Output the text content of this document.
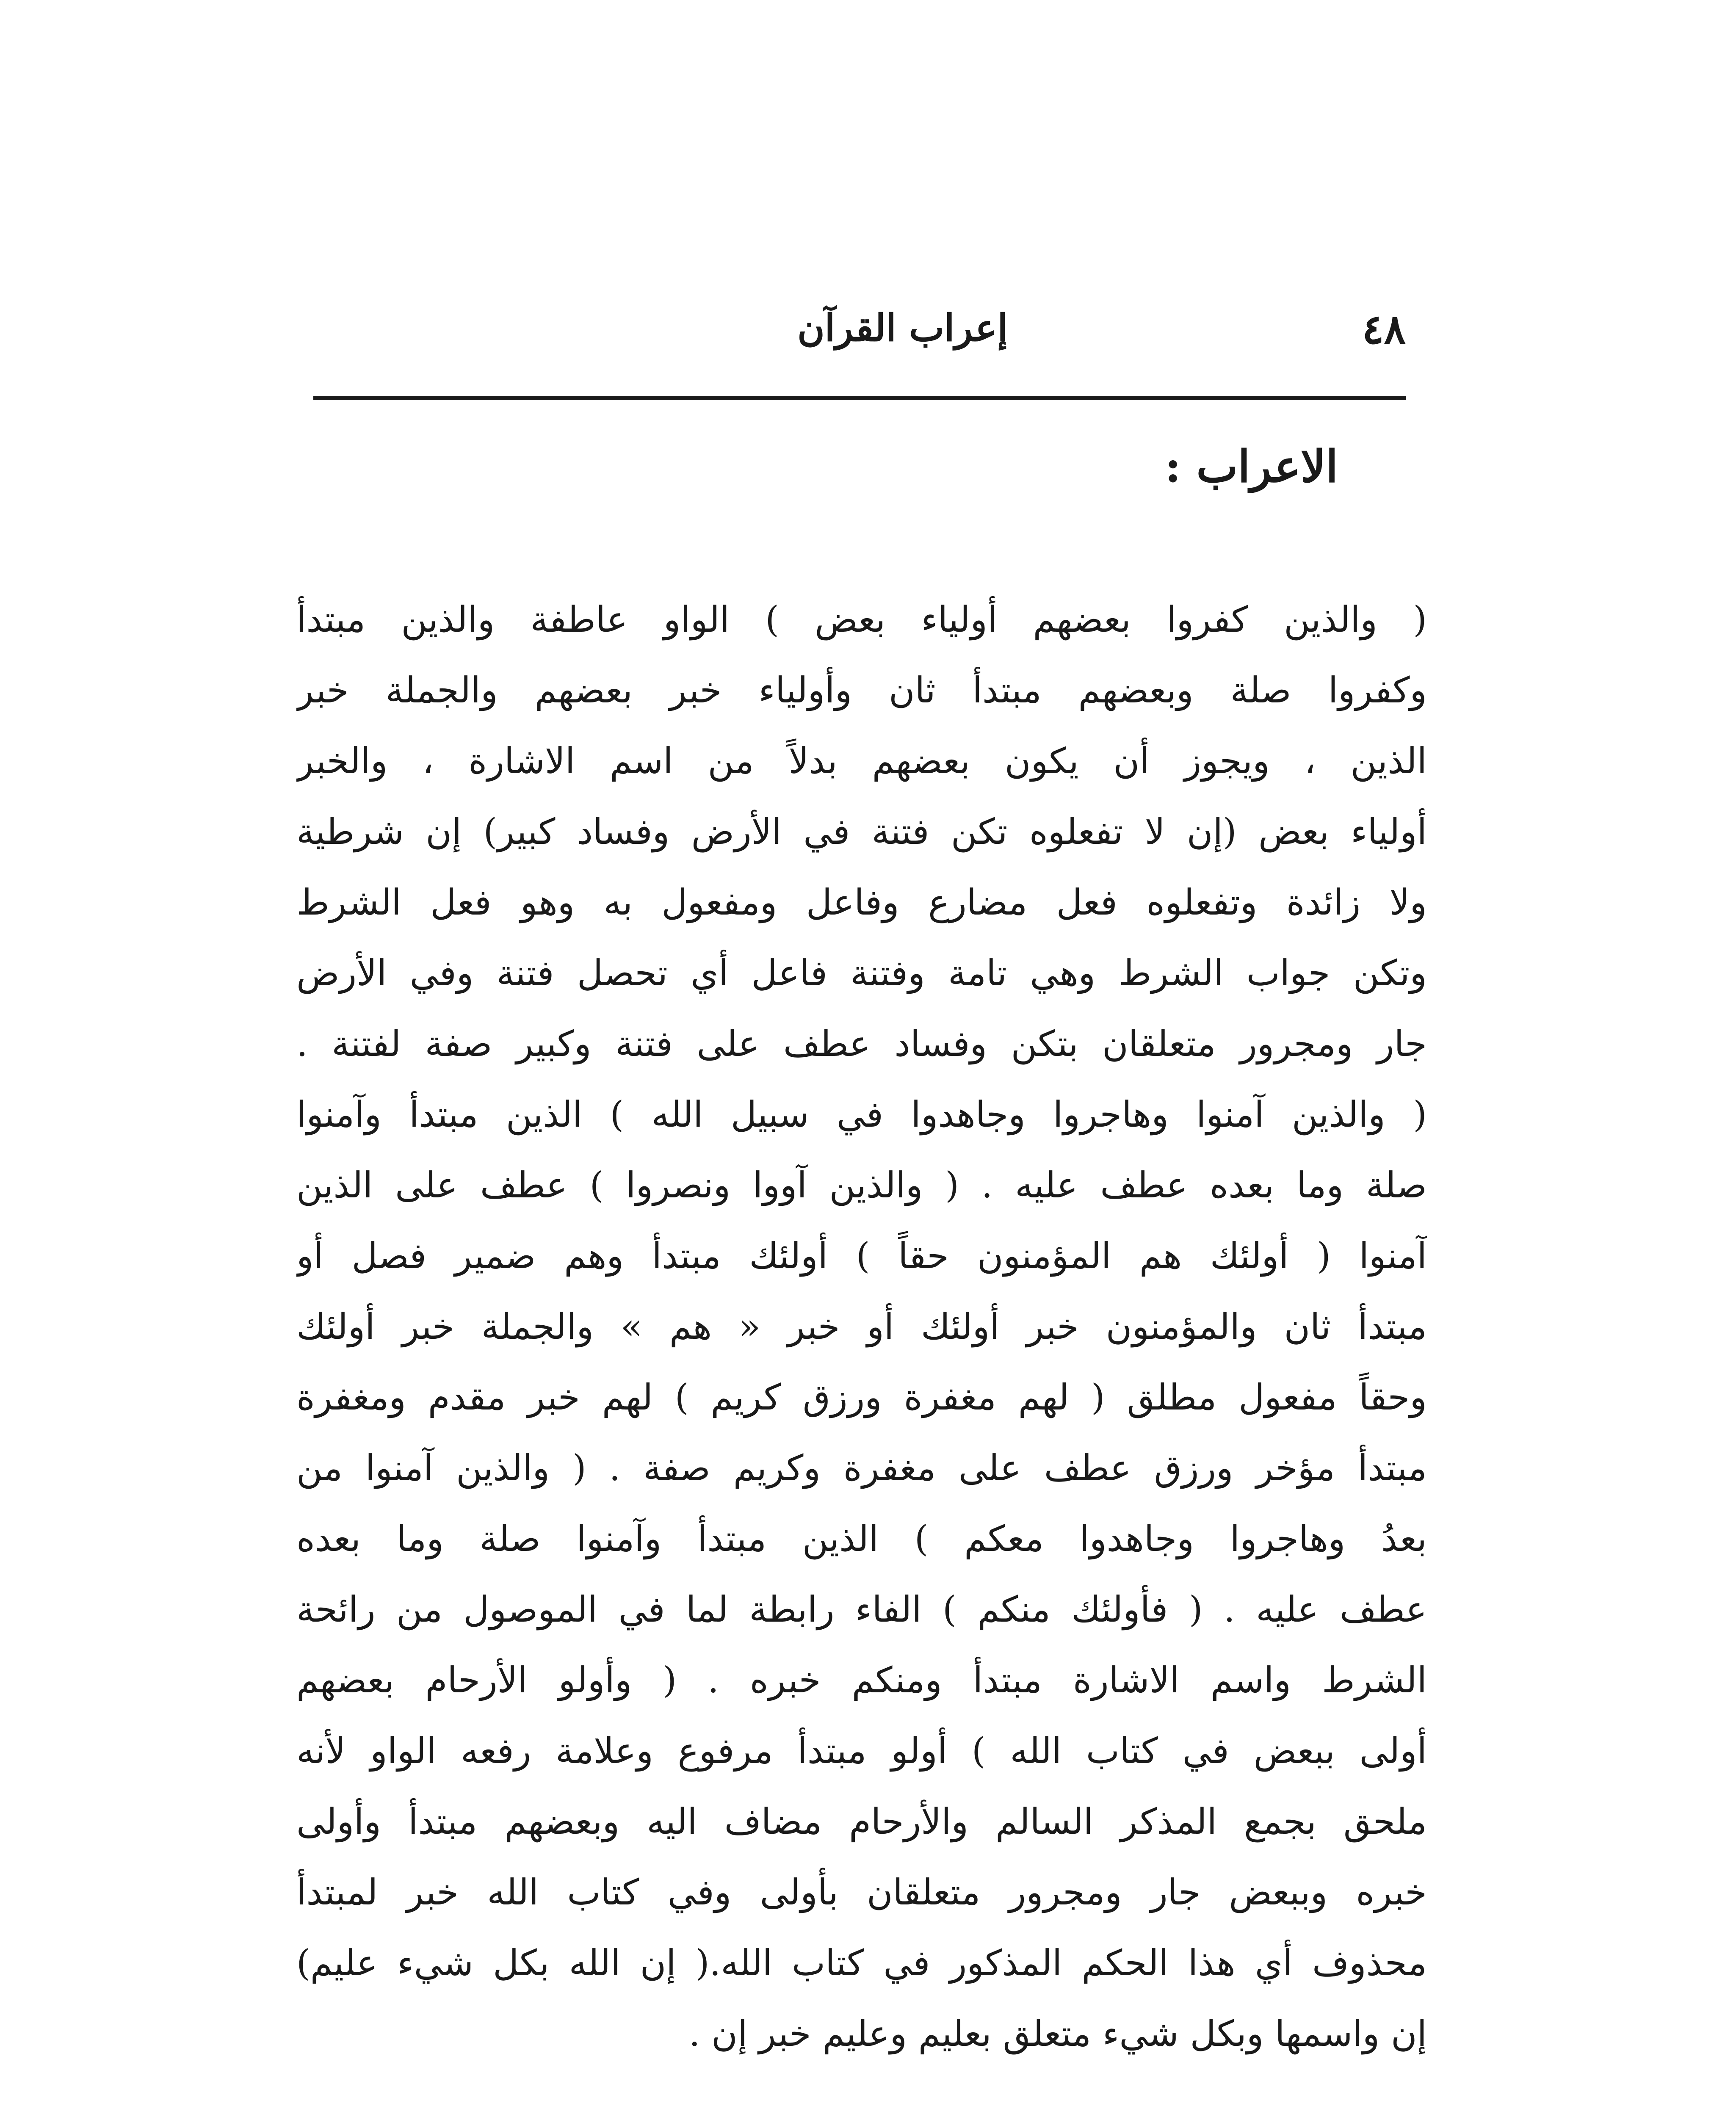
٤٨
إعراب القرآن
الاعراب :
( والذين كفروا بعضهم أولياء بعض ) الواو عاطفة والذين مبتدأ
وكفروا صلة وبعضهم مبتدأ ثان وأولياء خبر بعضهم والجملة خبر
الذين ، ويجوز أن يكون بعضهم بدلاً من اسم الاشارة ، والخبر
أولياء بعض (إن لا تفعلوه تكن فتنة في الأرض وفساد كبير) إن شرطية
ولا زائدة وتفعلوه فعل مضارع وفاعل ومفعول به وهو فعل الشرط
وتكن جواب الشرط وهي تامة وفتنة فاعل أي تحصل فتنة وفي الأرض
جار ومجرور متعلقان بتكن وفساد عطف على فتنة وكبير صفة لفتنة .
( والذين آمنوا وهاجروا وجاهدوا في سبيل الله ) الذين مبتدأ وآمنوا
صلة وما بعده عطف عليه . ( والذين آووا ونصروا ) عطف على الذين
آمنوا ( أولئك هم المؤمنون حقاً ) أولئك مبتدأ وهم ضمير فصل أو
مبتدأ ثان والمؤمنون خبر أولئك أو خبر « هم » والجملة خبر أولئك
وحقاً مفعول مطلق ( لهم مغفرة ورزق كريم ) لهم خبر مقدم ومغفرة
مبتدأ مؤخر ورزق عطف على مغفرة وكريم صفة . ( والذين آمنوا من
بعدُ وهاجروا وجاهدوا معكم ) الذين مبتدأ وآمنوا صلة وما بعده
عطف عليه . ( فأولئك منكم ) الفاء رابطة لما في الموصول من رائحة
الشرط واسم الاشارة مبتدأ ومنكم خبره . ( وأولو الأرحام بعضهم
أولى ببعض في كتاب الله ) أولو مبتدأ مرفوع وعلامة رفعه الواو لأنه
ملحق بجمع المذكر السالم والأرحام مضاف اليه وبعضهم مبتدأ وأولى
خبره وببعض جار ومجرور متعلقان بأولى وفي كتاب الله خبر لمبتدأ
محذوف أي هذا الحكم المذكور في كتاب الله.( إن الله بكل شيء عليم)
إن واسمها وبكل شيء متعلق بعليم وعليم خبر إن .
